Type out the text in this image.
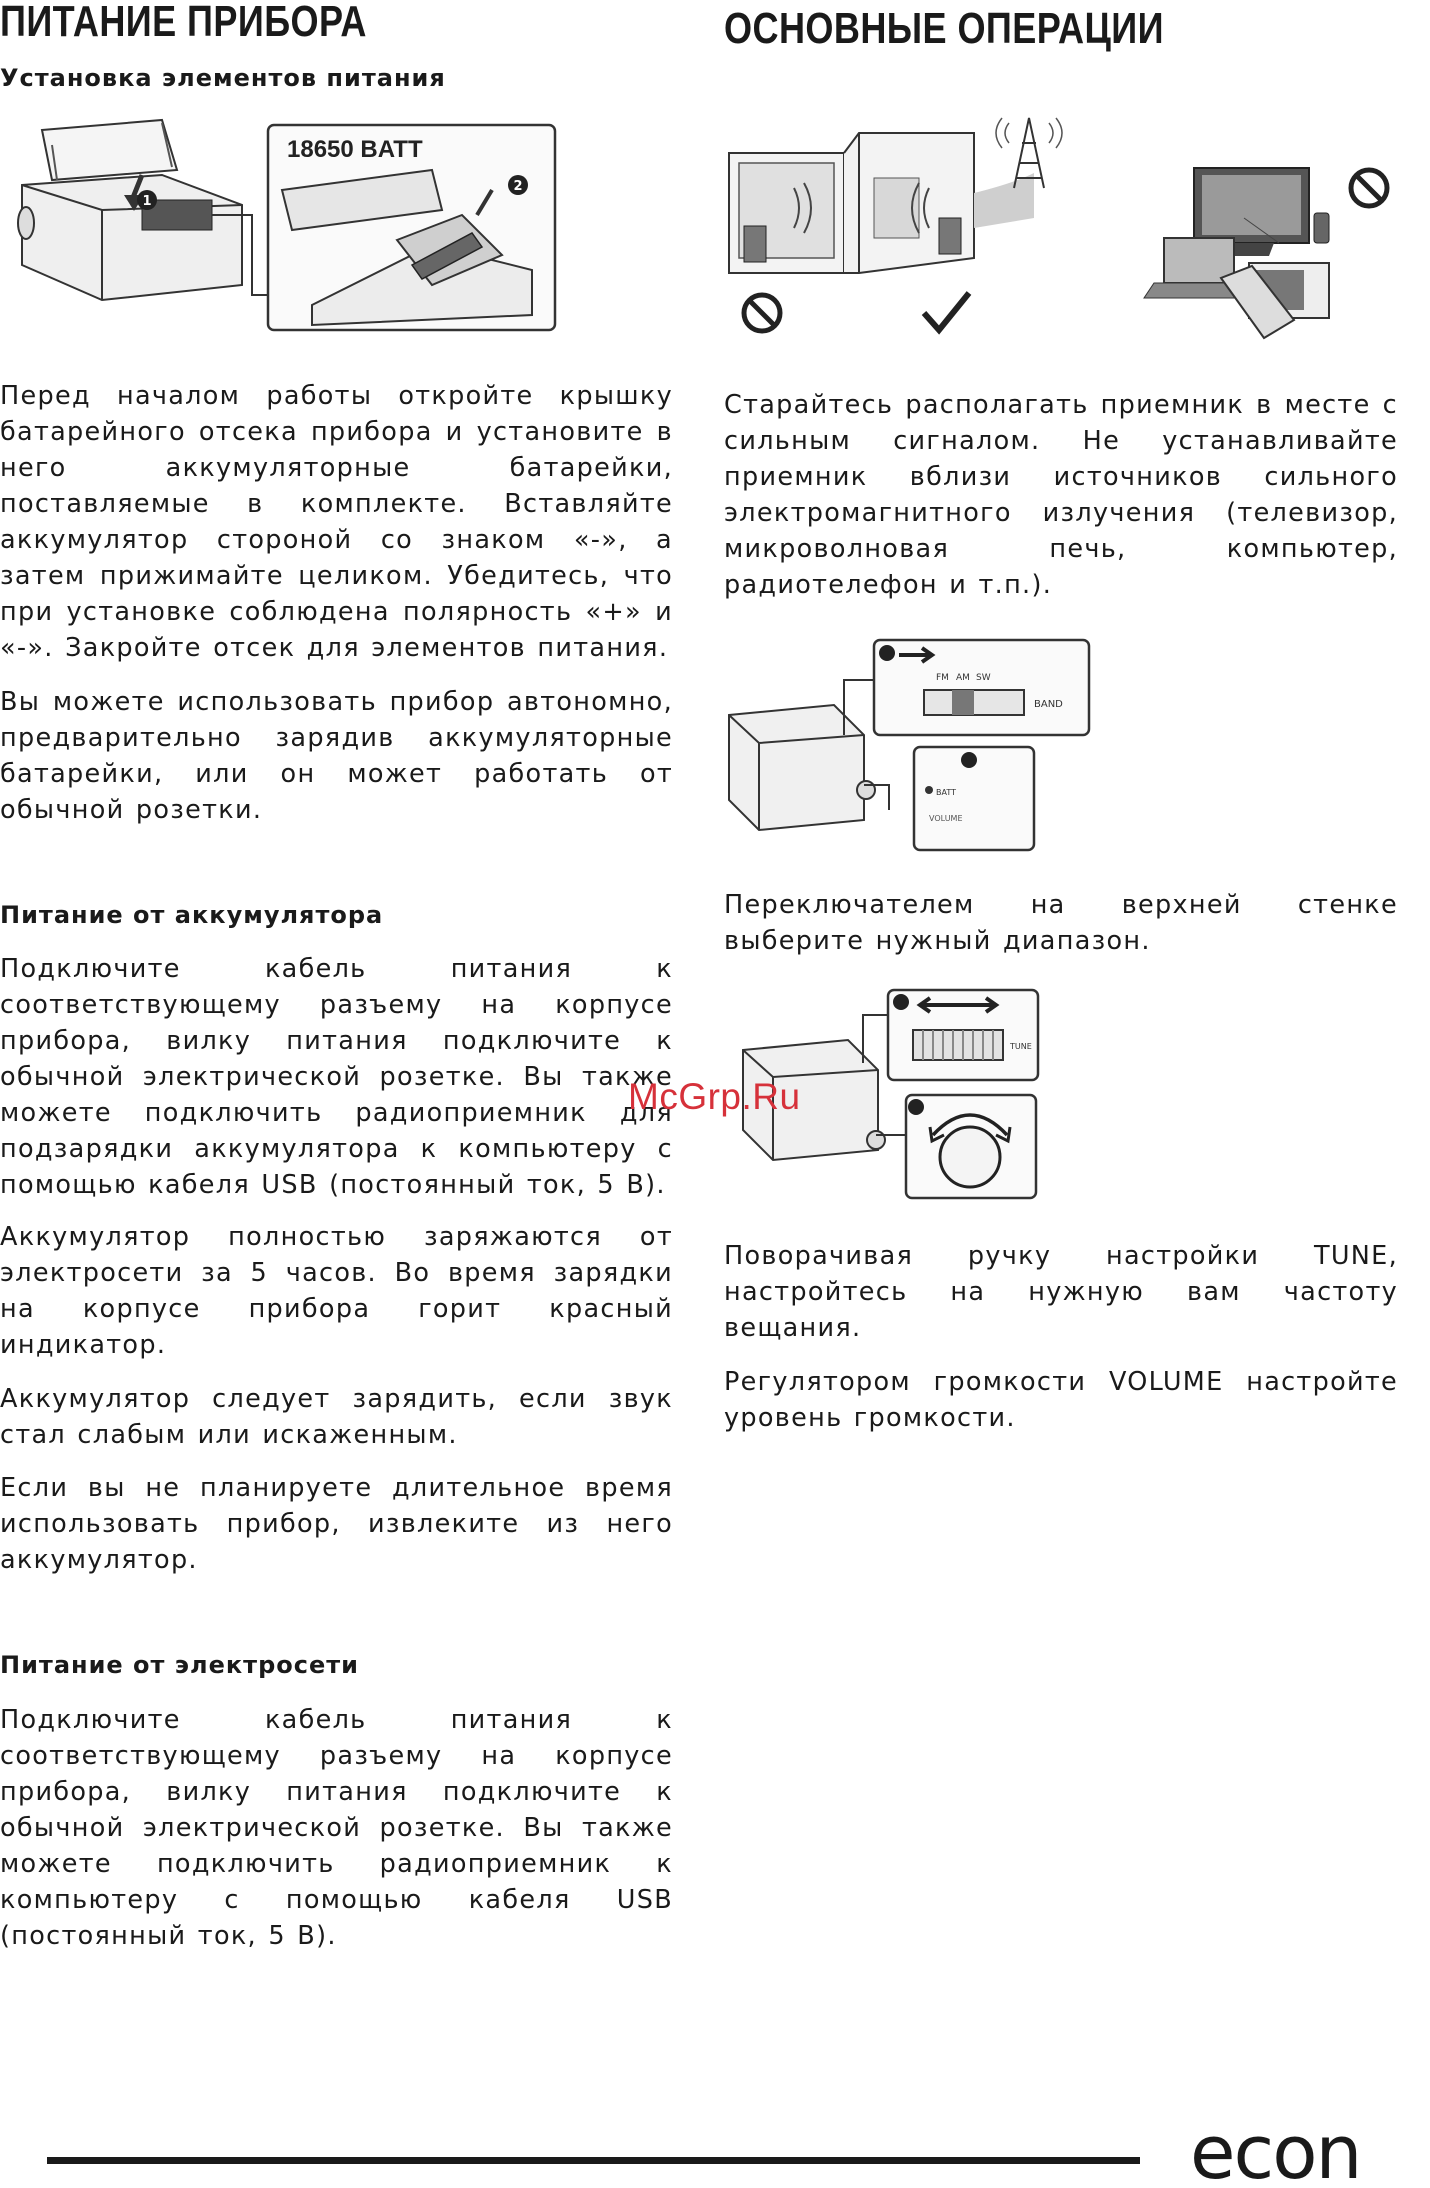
ПИТАНИЕ ПРИБОРА
Установка элементов питания
1
18650 BATT
2

Перед началом работы откройте крышку батарейного отсека прибора и установите в него аккумуляторные батарейки, поставляемые в комплекте. Вставляйте аккумулятор стороной со знаком «-», а затем прижимайте целиком. Убедитесь, что при установке соблюдена полярность «+» и «-». Закройте отсек для элементов питания.

Вы можете использовать прибор автономно, предварительно зарядив аккумуляторные батарейки, или он может работать от обычной розетки.

Питание от аккумулятора

Подключите кабель питания к соответствующему разъему на корпусе прибора, вилку питания подключите к обычной электрической розетке. Вы также можете подключить радиоприемник для подзарядки аккумулятора к компьютеру с помощью кабеля USB (постоянный ток, 5 В).

Аккумулятор полностью заряжаются от электросети за 5 часов. Во время зарядки на корпусе прибора горит красный индикатор.

Аккумулятор следует зарядить, если звук стал слабым или искаженным.

Если вы не планируете длительное время использовать прибор, извлеките из него аккумулятор.

Питание от электросети

Подключите кабель питания к соответствующему разъему на корпусе прибора, вилку питания подключите к обычной электрической розетке. Вы также можете подключить радиоприемник к компьютеру с помощью кабеля USB (постоянный ток, 5 В).

ОСНОВНЫЕ ОПЕРАЦИИ

Старайтесь располагать приемник в месте с сильным сигналом. Не устанавливайте приемник вблизи источников сильного электромагнитного излучения (телевизор, микроволновая печь, компьютер, радиотелефон и т.п.).

FM AM SW
BAND
BATT
VOLUME

Переключателем на верхней стенке выберите нужный диапазон.

TUNE

Поворачивая ручку настройки TUNE, настройтесь на нужную вам частоту вещания.

Регулятором громкости VOLUME настройте уровень громкости.

McGrp.Ru
econ
